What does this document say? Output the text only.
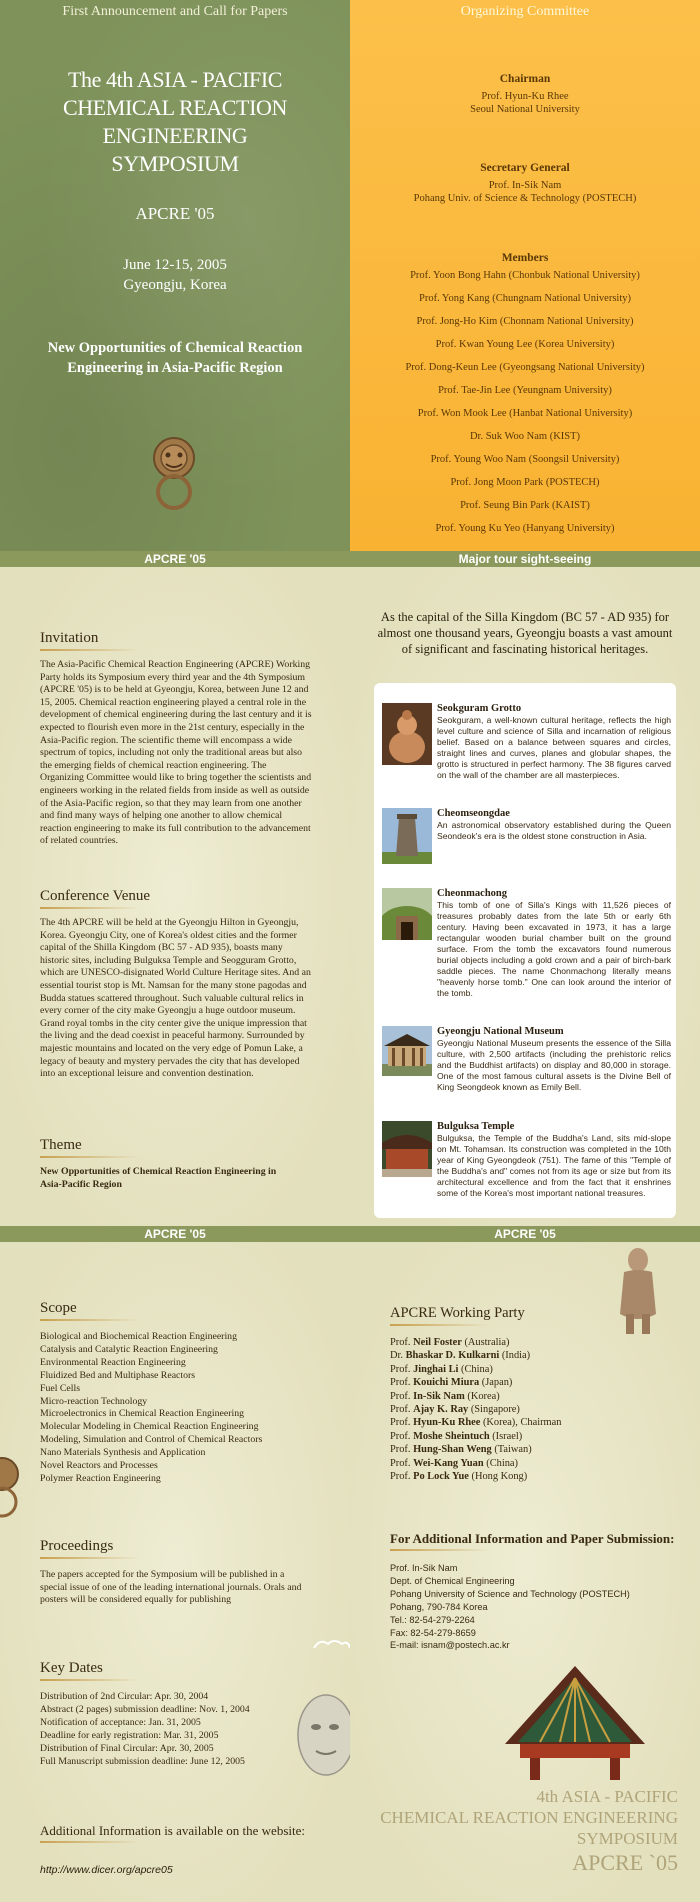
First Announcement and Call for Papers
The 4th ASIA - PACIFIC
CHEMICAL REACTION ENGINEERING
SYMPOSIUM
APCRE '05
June 12-15, 2005
Gyeongju, Korea
New Opportunities of Chemical Reaction
Engineering in Asia-Pacific Region
Organizing Committee
Chairman

Prof. Hyun-Ku Rhee

Seoul National University

Secretary General

Prof. In-Sik Nam

Pohang Univ. of Science & Technology (POSTECH)

Members

Prof. Yoon Bong Hahn (Chonbuk National University)

Prof. Yong Kang (Chungnam National University)

Prof. Jong-Ho Kim (Chonnam National University)

Prof. Kwan Young Lee (Korea University)

Prof. Dong-Keun Lee (Gyeongsang National University)

Prof. Tae-Jin Lee (Yeungnam University)

Prof. Won Mook Lee (Hanbat National University)

Dr. Suk Woo Nam (KIST)

Prof. Young Woo Nam (Soongsil University)

Prof. Jong Moon Park (POSTECH)

Prof. Seung Bin Park (KAIST)

Prof. Young Ku Yeo (Hanyang University)

APCRE '05
Invitation

The Asia-Pacific Chemical Reaction Engineering (APCRE) Working Party holds its Symposium every third year and the 4th Symposium (APCRE '05) is to be held at Gyeongju, Korea, between June 12 and 15, 2005. Chemical reaction engineering played a central role in the development of chemical engineering during the last century and it is expected to flourish even more in the 21st century, especially in the Asia-Pacific region. The scientific theme will encompass a wide spectrum of topics, including not only the traditional areas but also the emerging fields of chemical reaction engineering. The Organizing Committee would like to bring together the scientists and engineers working in the related fields from inside as well as outside of the Asia-Pacific region, so that they may learn from one another and find many ways of helping one another to allow chemical reaction engineering to make its full contribution to the advancement of related countries.

Conference Venue

The 4th APCRE will be held at the Gyeongju Hilton in Gyeongju, Korea. Gyeongju City, one of Korea's oldest cities and the former capital of the Shilla Kingdom (BC 57 - AD 935), boasts many historic sites, including Bulguksa Temple and Seogguram Grotto, which are UNESCO-disignated World Culture Heritage sites. And an essential tourist stop is Mt. Namsan for the many stone pagodas and Budda statues scattered throughout. Such valuable cultural relics in every corner of the city make Gyeongju a huge outdoor museum. Grand royal tombs in the city center give the unique impression that the living and the dead coexist in peaceful harmony. Surrounded by majestic mountains and located on the very edge of Pomun Lake, a legacy of beauty and mystery pervades the city that has developed into an exceptional leisure and convention destination.

Theme
New Opportunities of Chemical Reaction Engineering in
Asia-Pacific Region
Major tour sight-seeing

As the capital of the Silla Kingdom (BC 57 - AD 935) for almost one thousand years, Gyeongju boasts a vast amount of significant and fascinating historical heritages.

Seokguram Grotto

Seokguram, a well-known cultural heritage, reflects the high level culture and science of Silla and incarnation of religious belief. Based on a balance between squares and circles, straight lines and curves, planes and globular shapes, the grotto is structured in perfect harmony. The 38 figures carved on the wall of the chamber are all masterpieces.

Cheomseongdae

An astronomical observatory established during the Queen Seondeok's era is the oldest stone construction in Asia.

Cheonmachong

This tomb of one of Silla's Kings with 11,526 pieces of treasures probably dates from the late 5th or early 6th century. Having been excavated in 1973, it has a large rectangular wooden burial chamber built on the ground surface. From the tomb the excavators found numerous burial objects including a gold crown and a pair of birch-bark saddle pieces. The name Chonmachong literally means "heavenly horse tomb." One can look around the interior of the tomb.

Gyeongju National Museum

Gyeongju National Museum presents the essence of the Silla culture, with 2,500 artifacts (including the prehistoric relics and the Buddhist artifacts) on display and 80,000 in storage. One of the most famous cultural assets is the Divine Bell of King Seongdeok known as Emily Bell.

Bulguksa Temple

Bulguksa, the Temple of the Buddha's Land, sits mid-slope on Mt. Tohamsan. Its construction was completed in the 10th year of King Gyeongdeok (751). The fame of this "Temple of the Buddha's and" comes not from its age or size but from its architectural excellence and from the fact that it enshrines some of the Korea's most important national treasures.

APCRE '05
Scope
Biological and Biochemical Reaction Engineering
Catalysis and Catalytic Reaction Engineering
Environmental Reaction Engineering
Fluidized Bed and Multiphase Reactors
Fuel Cells
Micro-reaction Technology
Microelectronics in Chemical Reaction Engineering
Molecular Modeling in Chemical Reaction Engineering
Modeling, Simulation and Control of Chemical Reactors
Nano Materials Synthesis and Application
Novel Reactors and Processes
Polymer Reaction Engineering
Proceedings

The papers accepted for the Symposium will be published in a special issue of one of the leading international journals. Orals and posters will be considered equally for publishing

Key Dates
Distribution of 2nd Circular: Apr. 30, 2004
Abstract (2 pages) submission deadline: Nov. 1, 2004
Notification of acceptance: Jan. 31, 2005
Deadline for early registration: Mar. 31, 2005
Distribution of Final Circular: Apr. 30, 2005
Full Manuscript submission deadline: June 12, 2005
Additional Information is available on the website:
http://www.dicer.org/apcre05
APCRE '05
APCRE Working Party
Prof. Neil Foster (Australia)
Dr. Bhaskar D. Kulkarni (India)
Prof. Jinghai Li (China)
Prof. Kouichi Miura (Japan)
Prof. In-Sik Nam (Korea)
Prof. Ajay K. Ray (Singapore)
Prof. Hyun-Ku Rhee (Korea), Chairman
Prof. Moshe Sheintuch (Israel)
Prof. Hung-Shan Weng (Taiwan)
Prof. Wei-Kang Yuan (China)
Prof. Po Lock Yue (Hong Kong)
For Additional Information and Paper Submission:
Prof. In-Sik Nam
Dept. of Chemical Engineering
Pohang University of Science and Technology (POSTECH)
Pohang, 790-784 Korea
Tel.: 82-54-279-2264
Fax: 82-54-279-8659
E-mail: isnam@postech.ac.kr
4th ASIA - PACIFIC
CHEMICAL REACTION ENGINEERING
SYMPOSIUM
APCRE `05
